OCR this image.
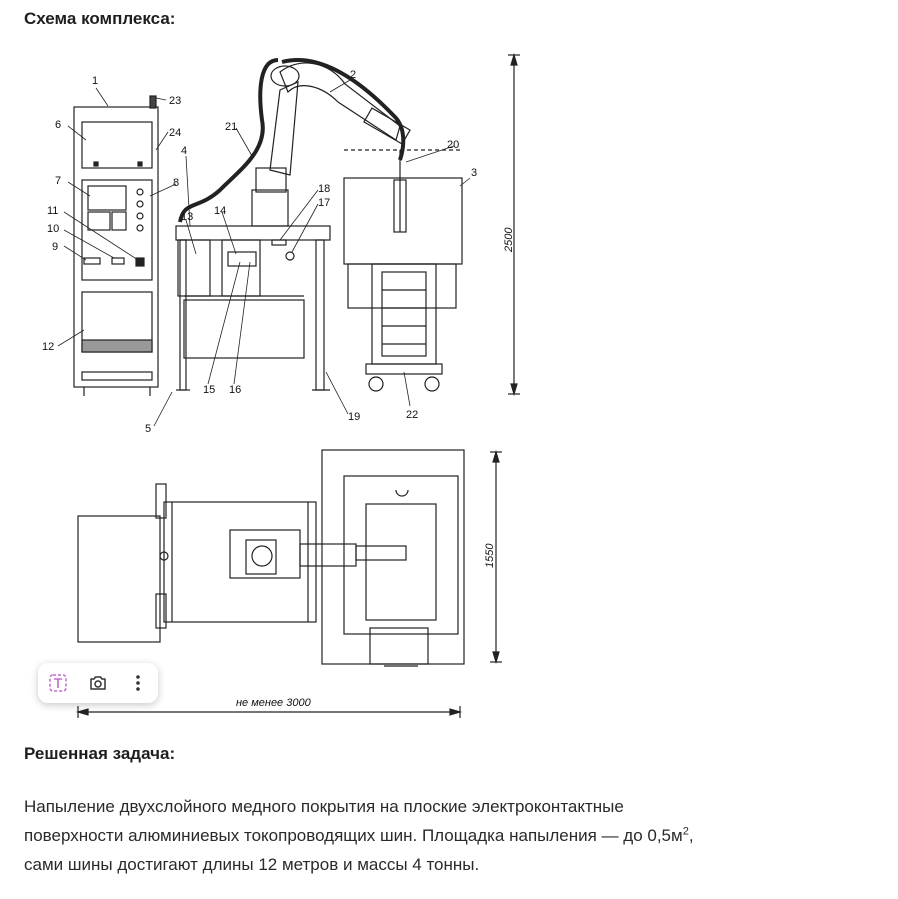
Схема комплекса:
2500
1	2
3
4
5
6
7	8
9
10
11
12
13 14
15 16
17
18
19
20
21
22
23
24
1550
не менее 3000
Решенная задача:
Напыление двухслойного медного покрытия на плоские электроконтактные
поверхности алюминиевых токопроводящих шин. Площадка напыления — до $0,5м^2$,
сами шины достигают длины 12 метров и массы 4 тонны.
